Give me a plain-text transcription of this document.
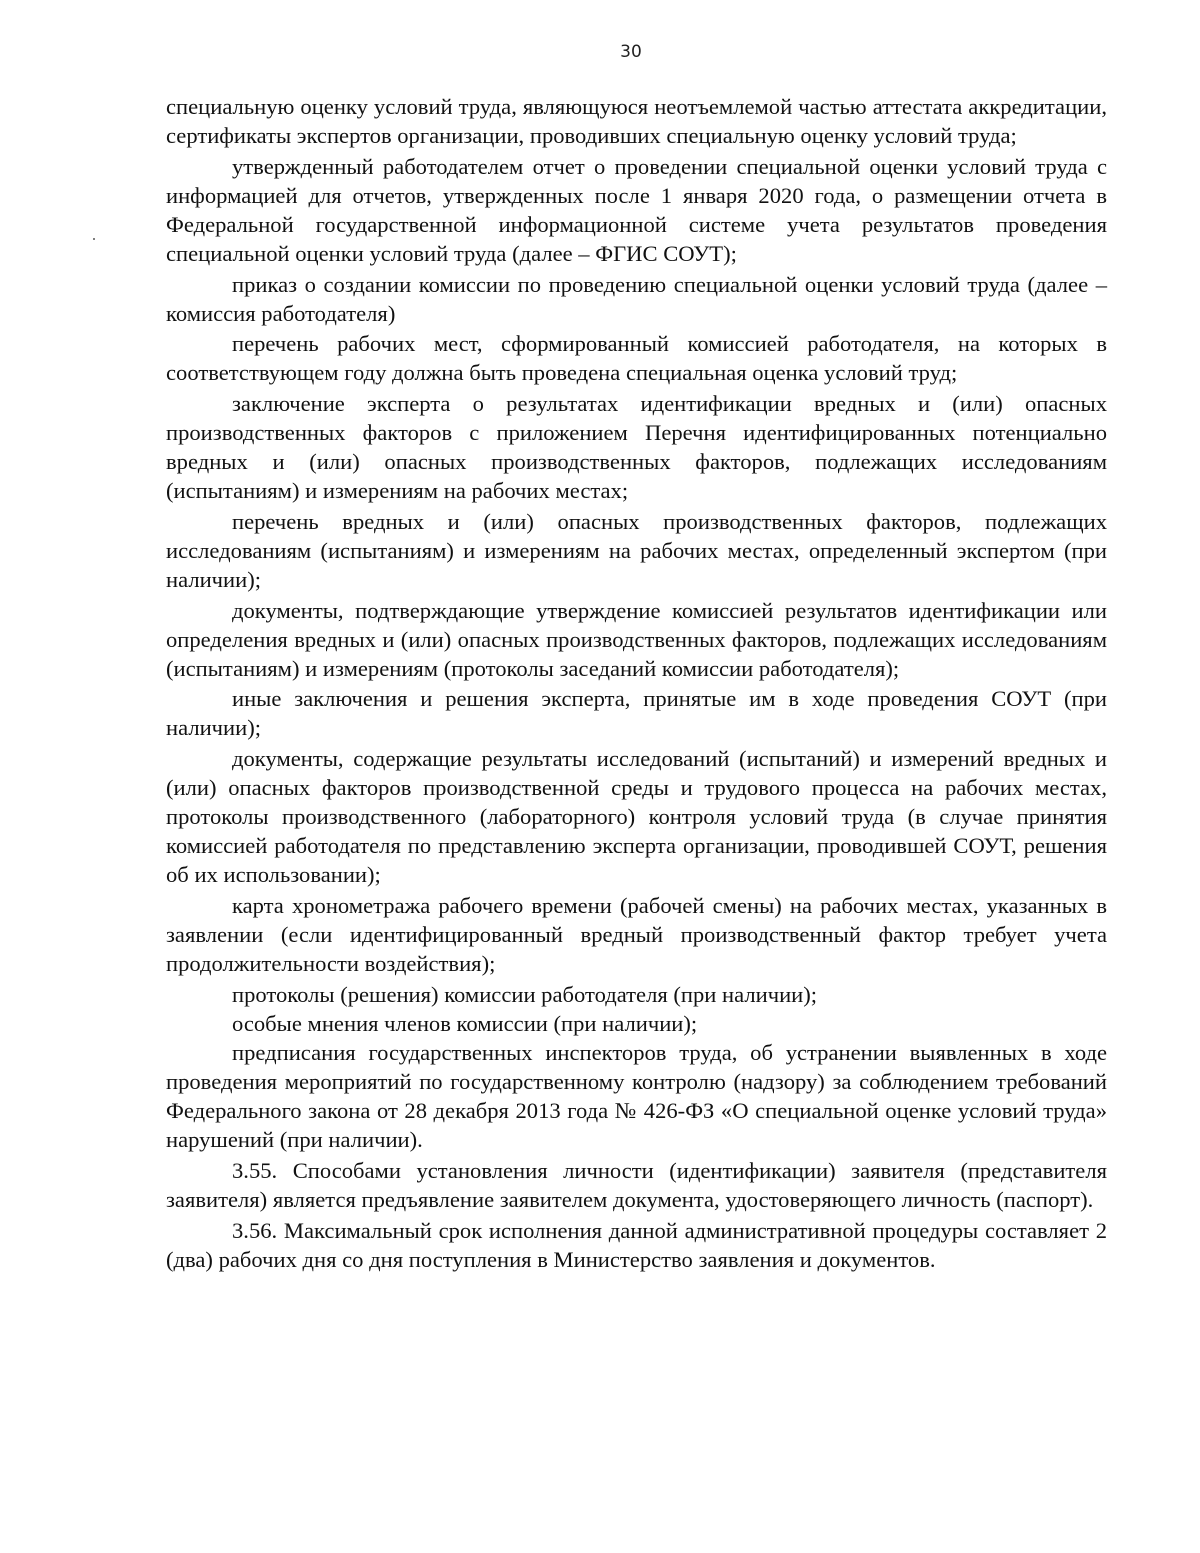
30

специальную оценку условий труда, являющуюся неотъемлемой частью аттестата аккредитации, сертификаты экспертов организации, проводивших специальную оценку условий труда;

утвержденный работодателем отчет о проведении специальной оценки условий труда с информацией для отчетов, утвержденных после 1 января 2020 года, о размещении отчета в Федеральной государственной информационной системе учета результатов проведения специальной оценки условий труда (далее – ФГИС СОУТ);

приказ о создании комиссии по проведению специальной оценки условий труда (далее – комиссия работодателя)

перечень рабочих мест, сформированный комиссией работодателя, на которых в соответствующем году должна быть проведена специальная оценка условий труд;

заключение эксперта о результатах идентификации вредных и (или) опасных производственных факторов с приложением Перечня идентифицированных потенциально вредных и (или) опасных производственных факторов, подлежащих исследованиям (испытаниям) и измерениям на рабочих местах;

перечень вредных и (или) опасных производственных факторов, подлежащих исследованиям (испытаниям) и измерениям на рабочих местах, определенный экспертом (при наличии);

документы, подтверждающие утверждение комиссией результатов идентификации или определения вредных и (или) опасных производственных факторов, подлежащих исследованиям (испытаниям) и измерениям (протоколы заседаний комиссии работодателя);

иные заключения и решения эксперта, принятые им в ходе проведения СОУТ (при наличии);

документы, содержащие результаты исследований (испытаний) и измерений вредных и (или) опасных факторов производственной среды и трудового процесса на рабочих местах, протоколы производственного (лабораторного) контроля условий труда (в случае принятия комиссией работодателя по представлению эксперта организации, проводившей СОУТ, решения об их использовании);

карта хронометража рабочего времени (рабочей смены) на рабочих местах, указанных в заявлении (если идентифицированный вредный производственный фактор требует учета продолжительности воздействия);

протоколы (решения) комиссии работодателя (при наличии);

особые мнения членов комиссии (при наличии);

предписания государственных инспекторов труда, об устранении выявленных в ходе проведения мероприятий по государственному контролю (надзору) за соблюдением требований Федерального закона от 28 декабря 2013 года № 426-ФЗ «О специальной оценке условий труда» нарушений (при наличии).

3.55. Способами установления личности (идентификации) заявителя (представителя заявителя) является предъявление заявителем документа, удостоверяющего личность (паспорт).

3.56. Максимальный срок исполнения данной административной процедуры составляет 2 (два) рабочих дня со дня поступления в Министерство заявления и документов.
